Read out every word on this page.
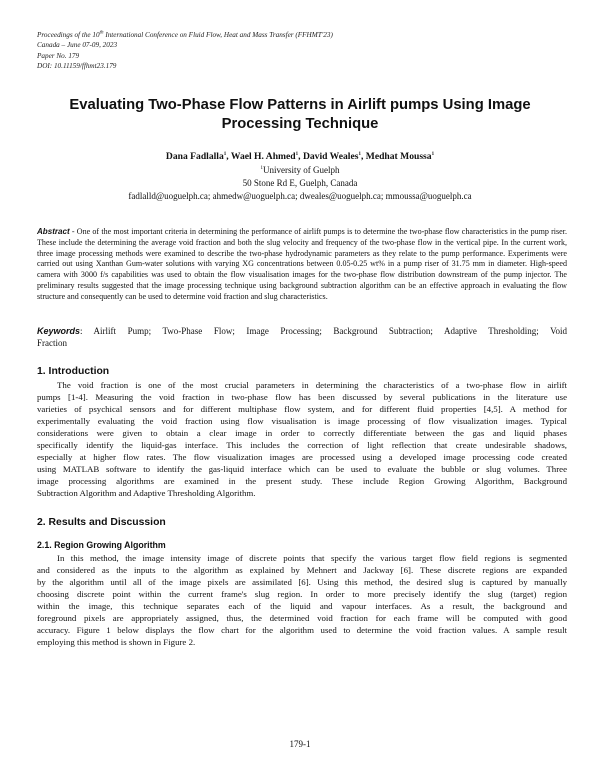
Proceedings of the 10th International Conference on Fluid Flow, Heat and Mass Transfer (FFHMT'23)
Canada – June 07-09, 2023
Paper No. 179
DOI: 10.11159/ffhmt23.179
Evaluating Two-Phase Flow Patterns in Airlift pumps Using Image
Processing Technique
Dana Fadlalla$^1$, Wael H. Ahmed$^1$, David Weales$^1$, Medhat Moussa$^1$
$^1$University of Guelph
50 Stone Rd E, Guelph, Canada
fadlalld@uoguelph.ca; ahmedw@uoguelph.ca; dweales@uoguelph.ca; mmoussa@uoguelph.ca
Abstract - One of the most important criteria in determining the performance of airlift pumps is to determine the two-phase flow characteristics in the pump riser. These include the determining the average void fraction and both the slug velocity and frequency of the two-phase flow in the vertical pipe. In the current work, three image processing methods were examined to describe the two-phase hydrodynamic parameters as they relate to the pump performance. Experiments were carried out using Xanthan Gum-water solutions with varying XG concentrations between 0.05-0.25 wt% in a pump riser of 31.75 mm in diameter. High-speed camera with 3000 f/s capabilities was used to obtain the flow visualisation images for the two-phase flow distribution downstream of the pump injector. The preliminary results suggested that the image processing technique using background subtraction algorithm can be an effective approach in evaluating the flow structure and consequently can be used to determine void fraction and slug characteristics.
Keywords: Airlift Pump; Two-Phase Flow; Image Processing; Background Subtraction; Adaptive Thresholding; Void
Fraction
1. Introduction
The void fraction is one of the most crucial parameters in determining the characteristics of a two-phase flow in airlift
pumps [1-4]. Measuring the void fraction in two-phase flow has been discussed by several publications in the literature use
varieties of psychical sensors and for different multiphase flow system, and for different fluid properties [4,5]. A method for
experimentally evaluating the void fraction using flow visualisation is image processing of flow visualization images. Typical
considerations were given to obtain a clear image in order to correctly differentiate between the gas and liquid phases
specifically identify the liquid-gas interface. This includes the correction of light reflection that create undesirable shadows,
especially at higher flow rates. The flow visualization images are processed using a developed image processing code created
using MATLAB software to identify the gas-liquid interface which can be used to evaluate the bubble or slug volumes. Three
image processing algorithms are examined in the present study. These include Region Growing Algorithm, Background
Subtraction Algorithm and Adaptive Thresholding Algorithm.
2. Results and Discussion
2.1. Region Growing Algorithm
In this method, the image intensity image of discrete points that specify the various target flow field regions is segmented
and considered as the inputs to the algorithm as explained by Mehnert and Jackway [6]. These discrete regions are expanded
by the algorithm until all of the image pixels are assimilated [6]. Using this method, the desired slug is captured by manually
choosing discrete point within the current frame's slug region. In order to more precisely identify the slug (target) region
within the image, this technique separates each of the liquid and vapour interfaces. As a result, the background and
foreground pixels are appropriately assigned, thus, the determined void fraction for each frame will be computed with good
accuracy. Figure 1 below displays the flow chart for the algorithm used to determine the void fraction values. A sample result
employing this method is shown in Figure 2.
179-1
